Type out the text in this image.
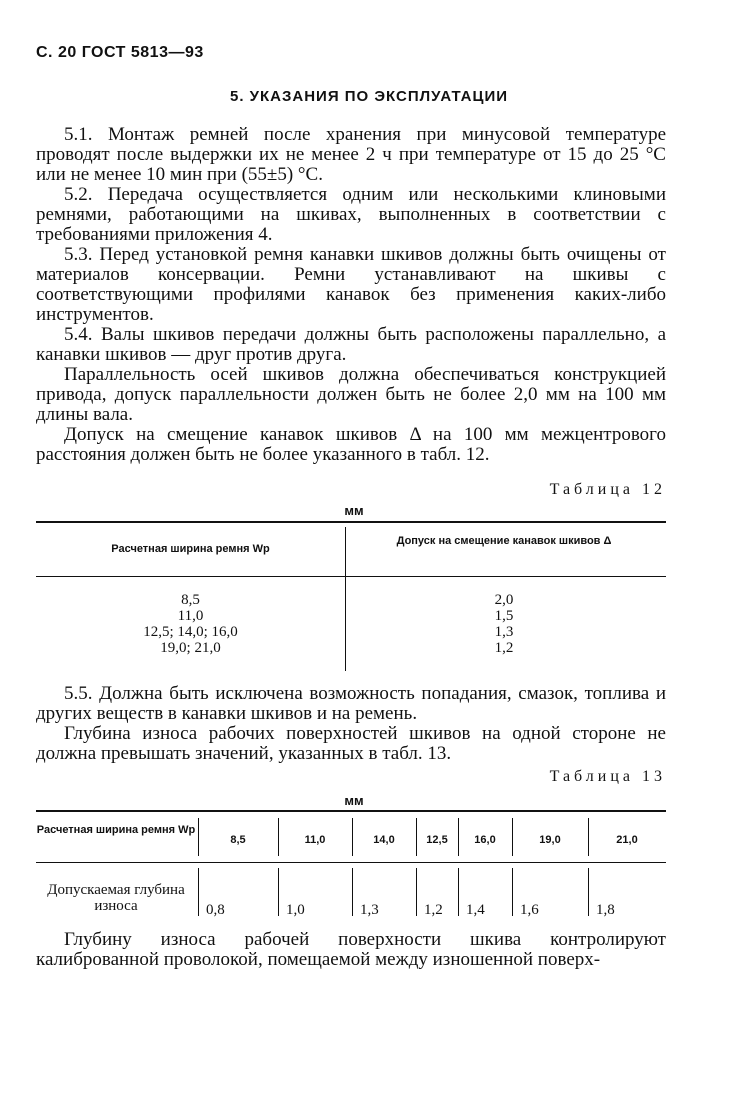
С. 20 ГОСТ 5813—93
5. УКАЗАНИЯ ПО ЭКСПЛУАТАЦИИ

5.1. Монтаж ремней после хранения при минусовой температуре проводят после выдержки их не менее 2 ч при температуре от 15 до 25 °С или не менее 10 мин при (55±5) °С.

5.2. Передача осуществляется одним или несколькими клиновыми ремнями, работающими на шкивах, выполненных в соответствии с требованиями приложения 4.

5.3. Перед установкой ремня канавки шкивов должны быть очищены от материалов консервации. Ремни устанавливают на шкивы с соответствующими профилями канавок без применения каких-либо инструментов.

5.4. Валы шкивов передачи должны быть расположены параллельно, а канавки шкивов — друг против друга.

Параллельность осей шкивов должна обеспечиваться конструкцией привода, допуск параллельности должен быть не более 2,0 мм на 100 мм длины вала.

Допуск на смещение канавок шкивов Δ на 100 мм межцентрового расстояния должен быть не более указанного в табл. 12.

Таблица 12
мм
Расчетная ширина ремня Wp
Допуск на смещение канавок шкивов Δ
8,5
11,0
12,5; 14,0; 16,0
19,0; 21,0
2,0
1,5
1,3
1,2

5.5. Должна быть исключена возможность попадания, смазок, топлива и других веществ в канавки шкивов и на ремень.

Глубина износа рабочих поверхностей шкивов на одной стороне не должна превышать значений, указанных в табл. 13.

Таблица 13
мм
Расчетная ширина ремня Wp
Допускаемая глубина износа
8,5
0,8
11,0
1,0
14,0
1,3
12,5
1,2
16,0
1,4
19,0
1,6
21,0
1,8

Глубину износа рабочей поверхности шкива контролируют калиброванной проволокой, помещаемой между изношенной поверх-
